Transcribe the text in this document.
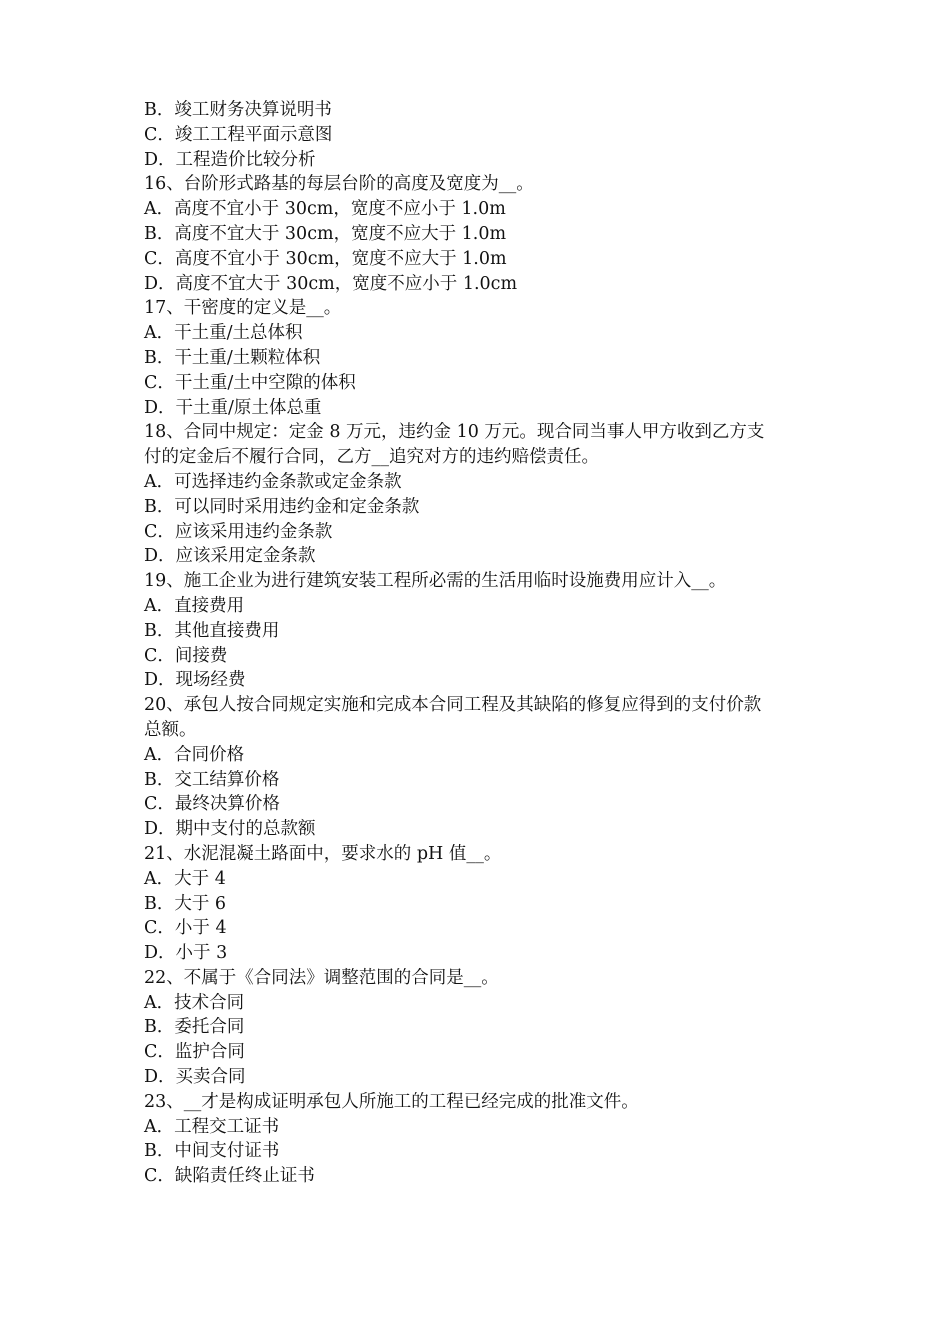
B．竣工财务决算说明书
C．竣工工程平面示意图
D．工程造价比较分析
16、台阶形式路基的每层台阶的高度及宽度为__。
A．高度不宜小于 30cm，宽度不应小于 1.0m
B．高度不宜大于 30cm，宽度不应大于 1.0m
C．高度不宜小于 30cm，宽度不应大于 1.0m
D．高度不宜大于 30cm，宽度不应小于 1.0cm
17、干密度的定义是__。
A．干土重/土总体积
B．干土重/土颗粒体积
C．干土重/土中空隙的体积
D．干土重/原土体总重
18、合同中规定：定金 8 万元，违约金 10 万元。现合同当事人甲方收到乙方支
付的定金后不履行合同，乙方__追究对方的违约赔偿责任。
A．可选择违约金条款或定金条款
B．可以同时采用违约金和定金条款
C．应该采用违约金条款
D．应该采用定金条款
19、施工企业为进行建筑安装工程所必需的生活用临时设施费用应计入__。
A．直接费用
B．其他直接费用
C．间接费
D．现场经费
20、承包人按合同规定实施和完成本合同工程及其缺陷的修复应得到的支付价款
总额。
A．合同价格
B．交工结算价格
C．最终决算价格
D．期中支付的总款额
21、水泥混凝土路面中，要求水的 pH 值__。
A．大于 4
B．大于 6
C．小于 4
D．小于 3
22、不属于《合同法》调整范围的合同是__。
A．技术合同
B．委托合同
C．监护合同
D．买卖合同
23、__才是构成证明承包人所施工的工程已经完成的批准文件。
A．工程交工证书
B．中间支付证书
C．缺陷责任终止证书
